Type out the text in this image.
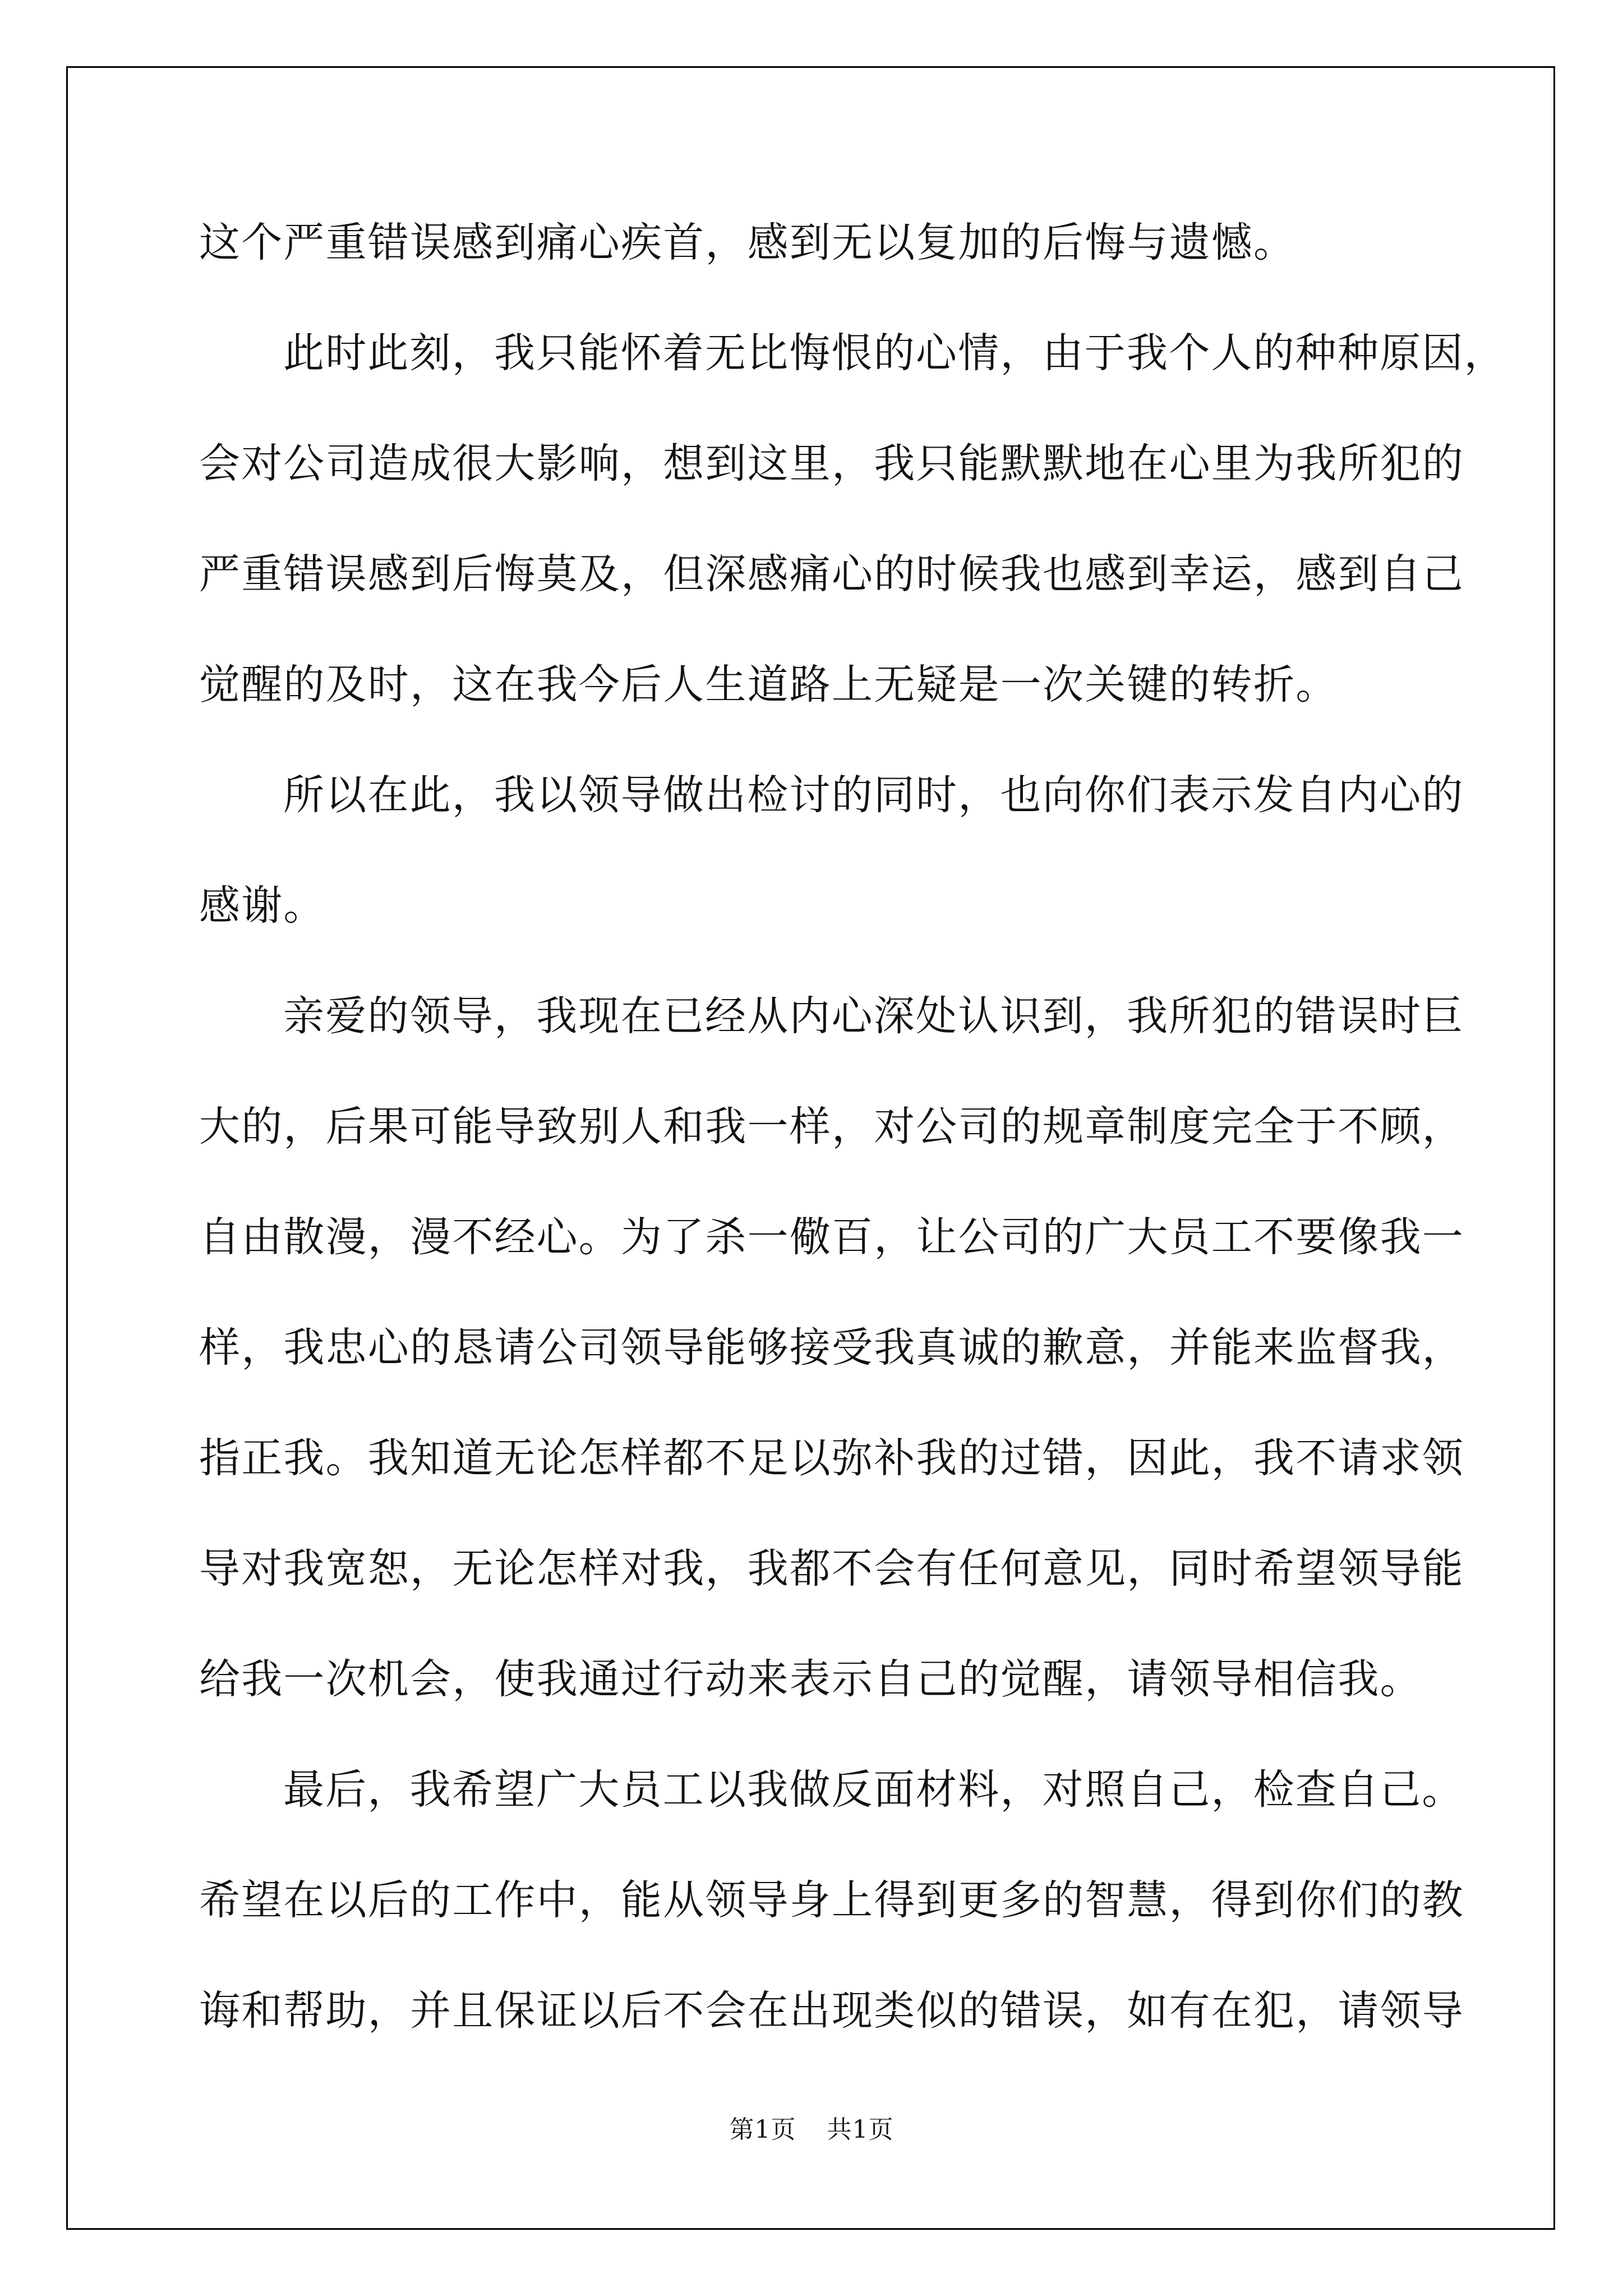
这个严重错误感到痛心疾首，感到无以复加的后悔与遗憾。

此时此刻，我只能怀着无比悔恨的心情，由于我个人的种种原因，

会对公司造成很大影响，想到这里，我只能默默地在心里为我所犯的

严重错误感到后悔莫及，但深感痛心的时候我也感到幸运，感到自己

觉醒的及时，这在我今后人生道路上无疑是一次关键的转折。

所以在此，我以领导做出检讨的同时，也向你们表示发自内心的

感谢。

亲爱的领导，我现在已经从内心深处认识到，我所犯的错误时巨

大的，后果可能导致别人和我一样，对公司的规章制度完全于不顾，

自由散漫，漫不经心。为了杀一儆百，让公司的广大员工不要像我一

样，我忠心的恳请公司领导能够接受我真诚的歉意，并能来监督我，

指正我。我知道无论怎样都不足以弥补我的过错，因此，我不请求领

导对我宽恕，无论怎样对我，我都不会有任何意见，同时希望领导能

给我一次机会，使我通过行动来表示自己的觉醒，请领导相信我。

最后，我希望广大员工以我做反面材料，对照自己，检查自己。

希望在以后的工作中，能从领导身上得到更多的智慧，得到你们的教

诲和帮助，并且保证以后不会在出现类似的错误，如有在犯，请领导

第1页 共1页
